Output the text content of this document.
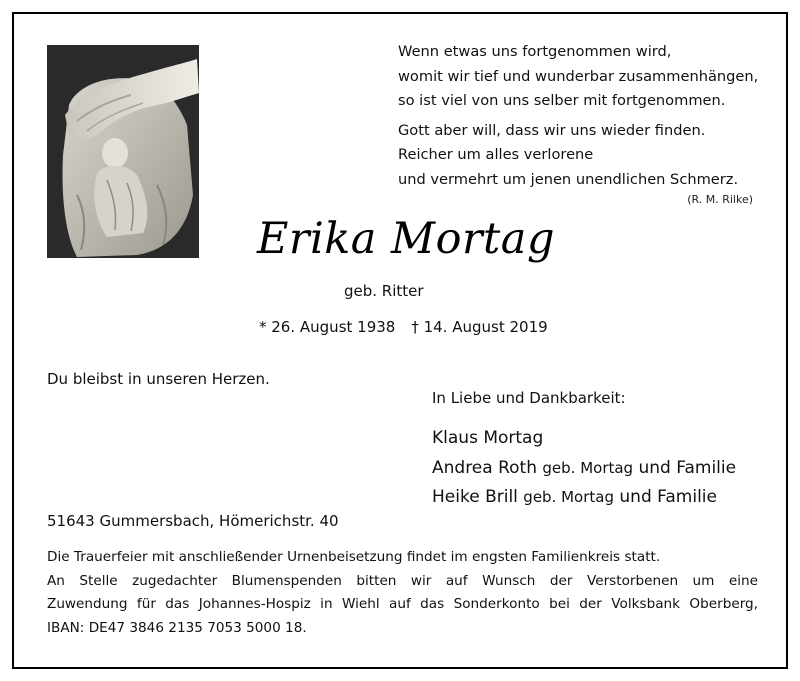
Wenn etwas uns fortgenommen wird,
womit wir tief und wunderbar zusammenhängen,
so ist viel von uns selber mit fortgenommen.

Gott aber will, dass wir uns wieder finden.
Reicher um alles verlorene
und vermehrt um jenen unendlichen Schmerz.

(R. M. Rilke)
Erika Mortag
geb. Ritter
* 26. August 1938 † 14. August 2019
Du bleibst in unseren Herzen.
In Liebe und Dankbarkeit:
Klaus Mortag
Andrea Roth geb. Mortag und Familie
Heike Brill geb. Mortag und Familie
51643 Gummersbach, Hömerichstr. 40

Die Trauerfeier mit anschließender Urnenbeisetzung findet im engsten Familienkreis statt.

An Stelle zugedachter Blumenspenden bitten wir auf Wunsch der Verstorbenen um eine

Zuwendung für das Johannes-Hospiz in Wiehl auf das Sonderkonto bei der Volksbank Oberberg,

IBAN: DE47 3846 2135 7053 5000 18.
